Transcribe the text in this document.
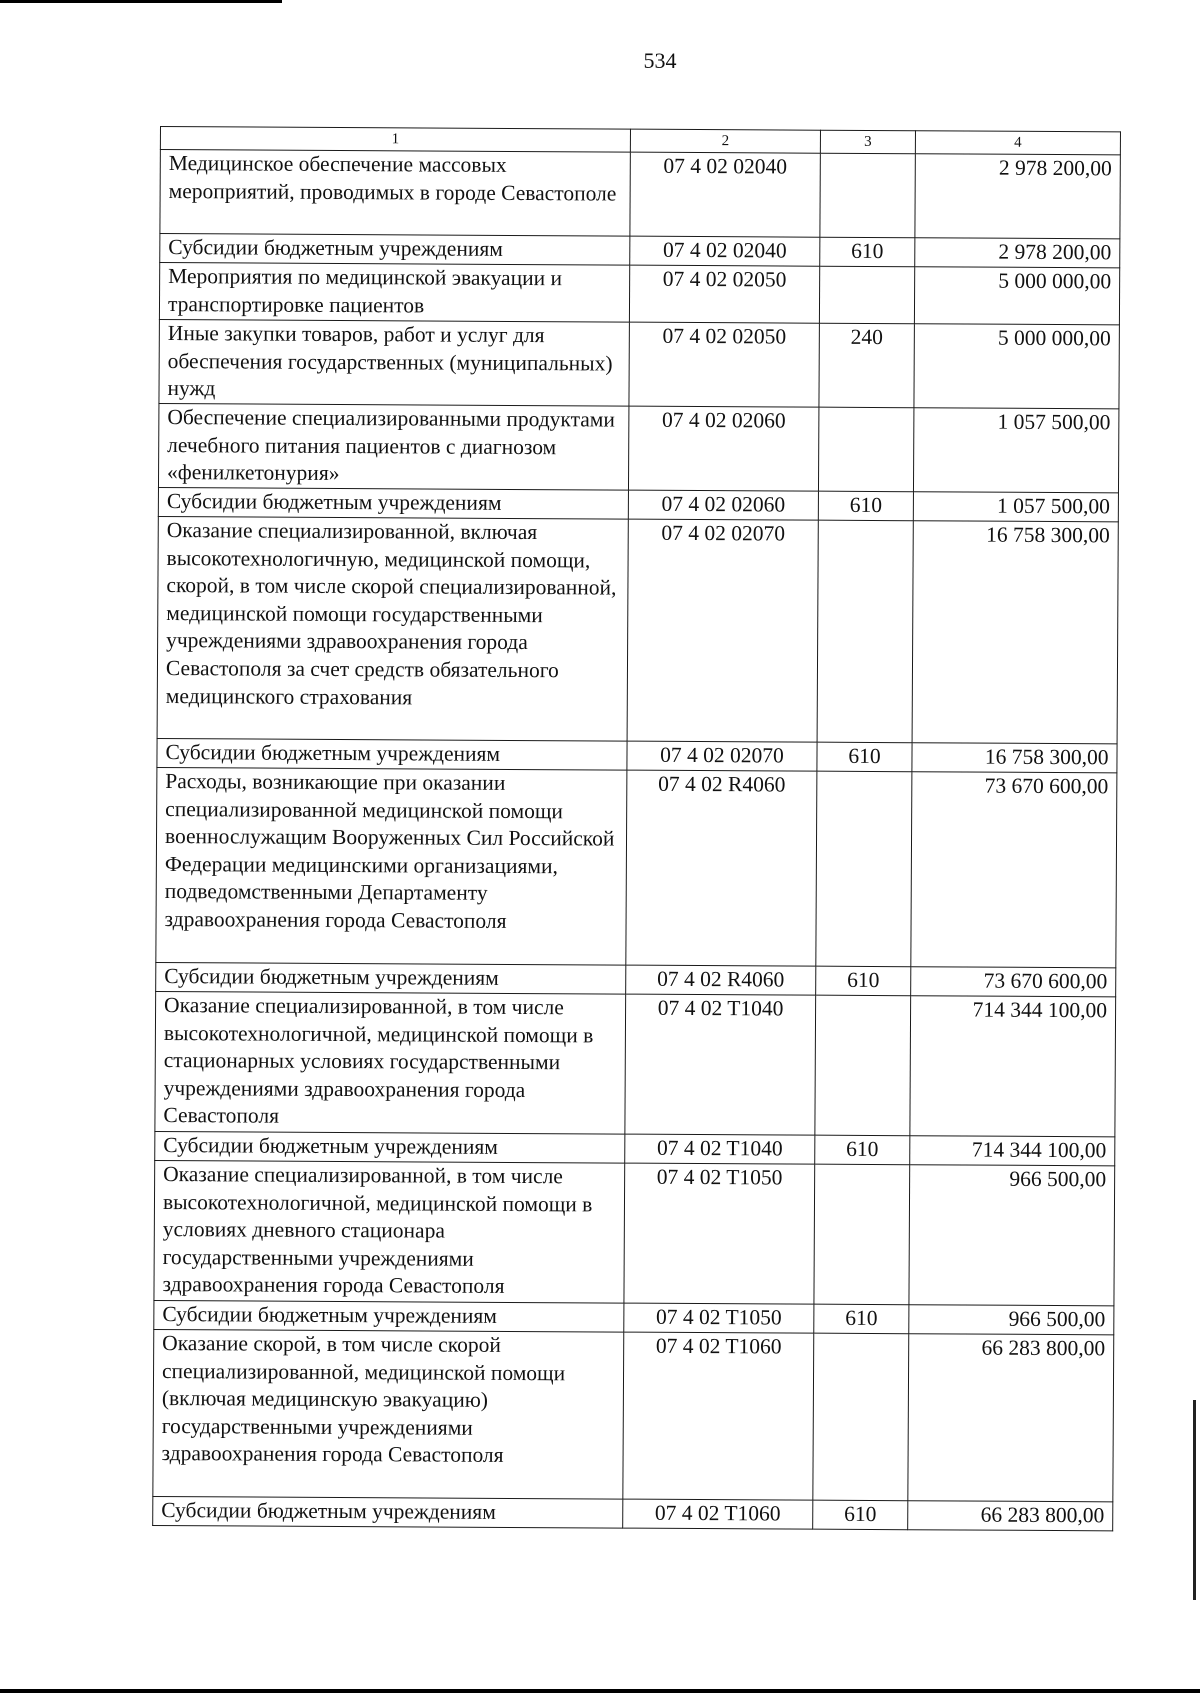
534
1	2	3	4
Медицинское обеспечение массовых мероприятий, проводимых в городе Севастополе	07 4 02 02040		2 978 200,00
Субсидии бюджетным учреждениям	07 4 02 02040	610	2 978 200,00
Мероприятия по медицинской эвакуации и транспортировке пациентов	07 4 02 02050		5 000 000,00
Иные закупки товаров, работ и услуг для обеспечения государственных (муниципальных) нужд	07 4 02 02050	240	5 000 000,00
Обеспечение специализированными продуктами лечебного питания пациентов с диагнозом «фенилкетонурия»	07 4 02 02060		1 057 500,00
Субсидии бюджетным учреждениям	07 4 02 02060	610	1 057 500,00
Оказание специализированной, включая высокотехнологичную, медицинской помощи, скорой, в том числе скорой специализированной, медицинской помощи государственными учреждениями здравоохранения города Севастополя за счет средств обязательного медицинского страхования	07 4 02 02070		16 758 300,00
Субсидии бюджетным учреждениям	07 4 02 02070	610	16 758 300,00
Расходы, возникающие при оказании специализированной медицинской помощи военнослужащим Вооруженных Сил Российской Федерации медицинскими организациями, подведомственными Департаменту здравоохранения города Севастополя	07 4 02 R4060		73 670 600,00
Субсидии бюджетным учреждениям	07 4 02 R4060	610	73 670 600,00
Оказание специализированной, в том числе высокотехнологичной, медицинской помощи в стационарных условиях государственными учреждениями здравоохранения города Севастополя	07 4 02 T1040		714 344 100,00
Субсидии бюджетным учреждениям	07 4 02 T1040	610	714 344 100,00
Оказание специализированной, в том числе высокотехнологичной, медицинской помощи в условиях дневного стационара государственными учреждениями здравоохранения города Севастополя	07 4 02 T1050		966 500,00
Субсидии бюджетным учреждениям	07 4 02 T1050	610	966 500,00
Оказание скорой, в том числе скорой специализированной, медицинской помощи (включая медицинскую эвакуацию) государственными учреждениями здравоохранения города Севастополя	07 4 02 T1060		66 283 800,00
Субсидии бюджетным учреждениям	07 4 02 T1060	610	66 283 800,00
